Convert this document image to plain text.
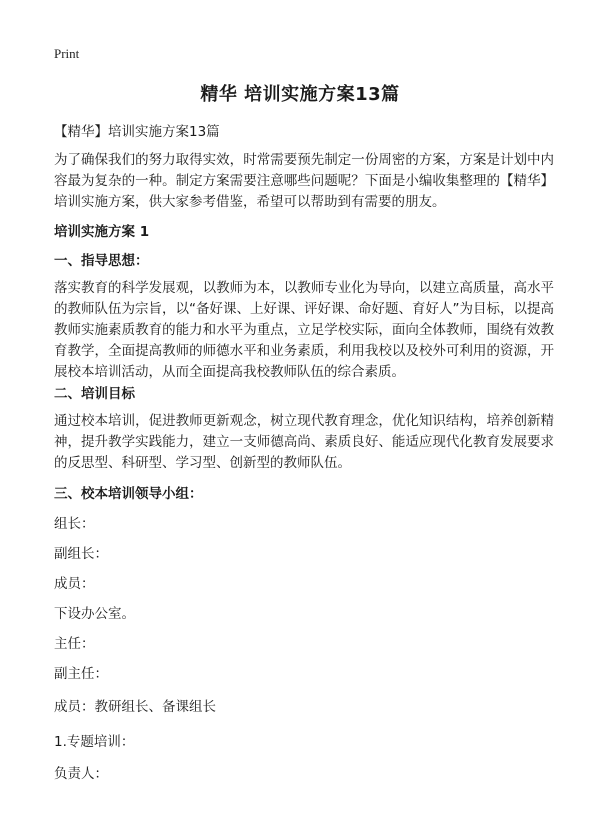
Print
精华 培训实施方案13篇
【精华】培训实施方案13篇
为了确保我们的努力取得实效，时常需要预先制定一份周密的方案，方案是计划中内容最为复杂的一种。制定方案需要注意哪些问题呢？下面是小编收集整理的【精华】培训实施方案，供大家参考借鉴，希望可以帮助到有需要的朋友。
培训实施方案 1
一、指导思想：
落实教育的科学发展观，以教师为本，以教师专业化为导向，以建立高质量，高水平的教师队伍为宗旨，以“备好课、上好课、评好课、命好题、育好人”为目标，以提高教师实施素质教育的能力和水平为重点，立足学校实际，面向全体教师，围绕有效教育教学，全面提高教师的师德水平和业务素质，利用我校以及校外可利用的资源，开展校本培训活动，从而全面提高我校教师队伍的综合素质。
二、培训目标
通过校本培训，促进教师更新观念，树立现代教育理念，优化知识结构，培养创新精神，提升教学实践能力，建立一支师德高尚、素质良好、能适应现代化教育发展要求的反思型、科研型、学习型、创新型的教师队伍。
三、校本培训领导小组：
组长：
副组长：
成员：
下设办公室。
主任：
副主任：
成员：教研组长、备课组长
1.专题培训：
负责人：
